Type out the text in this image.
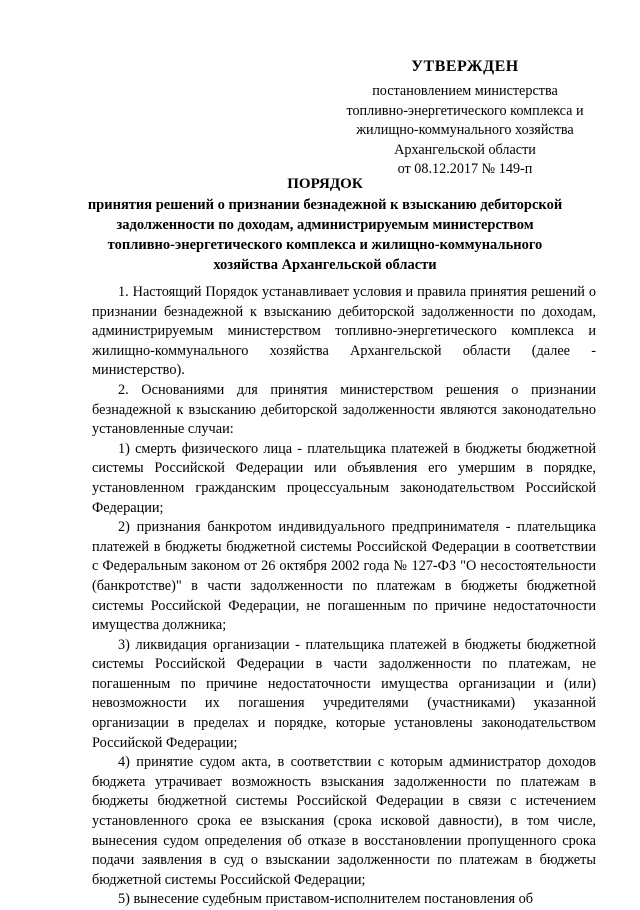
УТВЕРЖДЕН
постановлением министерства
топливно-энергетического комплекса и
жилищно-коммунального хозяйства
Архангельской области
от 08.12.2017 № 149-п
ПОРЯДОК
принятия решений о признании безнадежной к взысканию дебиторской
задолженности по доходам, администрируемым министерством
топливно-энергетического комплекса и жилищно-коммунального
хозяйства Архангельской области

1. Настоящий Порядок устанавливает условия и правила принятия решений о признании безнадежной к взысканию дебиторской задолженности по доходам, администрируемым министерством топливно-энергетического комплекса и жилищно-коммунального хозяйства Архангельской области (далее - министерство).

2. Основаниями для принятия министерством решения о признании безнадежной к взысканию дебиторской задолженности являются законодательно установленные случаи:

1) смерть физического лица - плательщика платежей в бюджеты бюджетной системы Российской Федерации или объявления его умершим в порядке, установленном гражданским процессуальным законодательством Российской Федерации;

2) признания банкротом индивидуального предпринимателя - плательщика платежей в бюджеты бюджетной системы Российской Федерации в соответствии с Федеральным законом от 26 октября 2002 года № 127-ФЗ "О несостоятельности (банкротстве)" в части задолженности по платежам в бюджеты бюджетной системы Российской Федерации, не погашенным по причине недостаточности имущества должника;

3) ликвидация организации - плательщика платежей в бюджеты бюджетной системы Российской Федерации в части задолженности по платежам, не погашенным по причине недостаточности имущества организации и (или) невозможности их погашения учредителями (участниками) указанной организации в пределах и порядке, которые установлены законодательством Российской Федерации;

4) принятие судом акта, в соответствии с которым администратор доходов бюджета утрачивает возможность взыскания задолженности по платежам в бюджеты бюджетной системы Российской Федерации в связи с истечением установленного срока ее взыскания (срока исковой давности), в том числе, вынесения судом определения об отказе в восстановлении пропущенного срока подачи заявления в суд о взыскании задолженности по платежам в бюджеты бюджетной системы Российской Федерации;

5) вынесение судебным приставом-исполнителем постановления об
